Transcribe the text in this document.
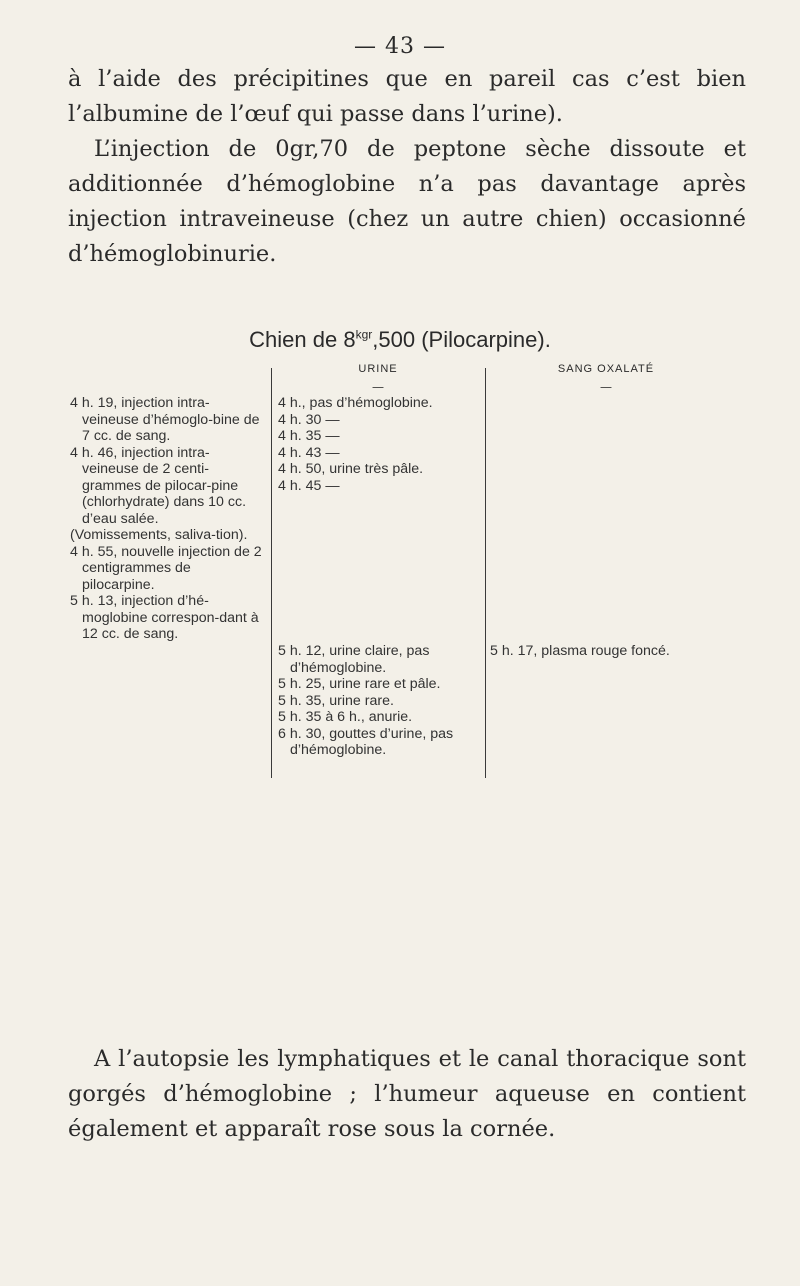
— 43 —

à l’aide des précipitines que en pareil cas c’est bien l’albumine de l’œuf qui passe dans l’urine).

L’injection de 0gr,70 de peptone sèche dissoute et additionnée d’hémoglobine n’a pas davantage après injection intraveineuse (chez un autre chien) occasionné d’hémoglobinurie.

Chien de $8^{kgr},500$ (Pilocarpine).
URINE	SANG OXALATÉ
—	—

4 h. 19, injection intra-veineuse d’hémoglo-bine de 7 cc. de sang.

4 h. 46, injection intra-veineuse de 2 centi-grammes de pilocar-pine (chlorhydrate) dans 10 cc. d’eau salée.

(Vomissements, saliva-tion).

4 h. 55, nouvelle injection de 2 centigrammes de pilocarpine.

5 h. 13, injection d’hé-moglobine correspon-dant à 12 cc. de sang.

4 h., pas d’hémoglobine.

4 h. 30 —

4 h. 35 —

4 h. 43 —

4 h. 50, urine très pâle.

4 h. 45 —

5 h. 12, urine claire, pas d’hémoglobine.

5 h. 25, urine rare et pâle.

5 h. 35, urine rare.

5 h. 35 à 6 h., anurie.

6 h. 30, gouttes d’urine, pas d’hémoglobine.

5 h. 17, plasma rouge foncé.

A l’autopsie les lymphatiques et le canal thoracique sont gorgés d’hémoglobine ; l’humeur aqueuse en contient également et apparaît rose sous la cornée.
